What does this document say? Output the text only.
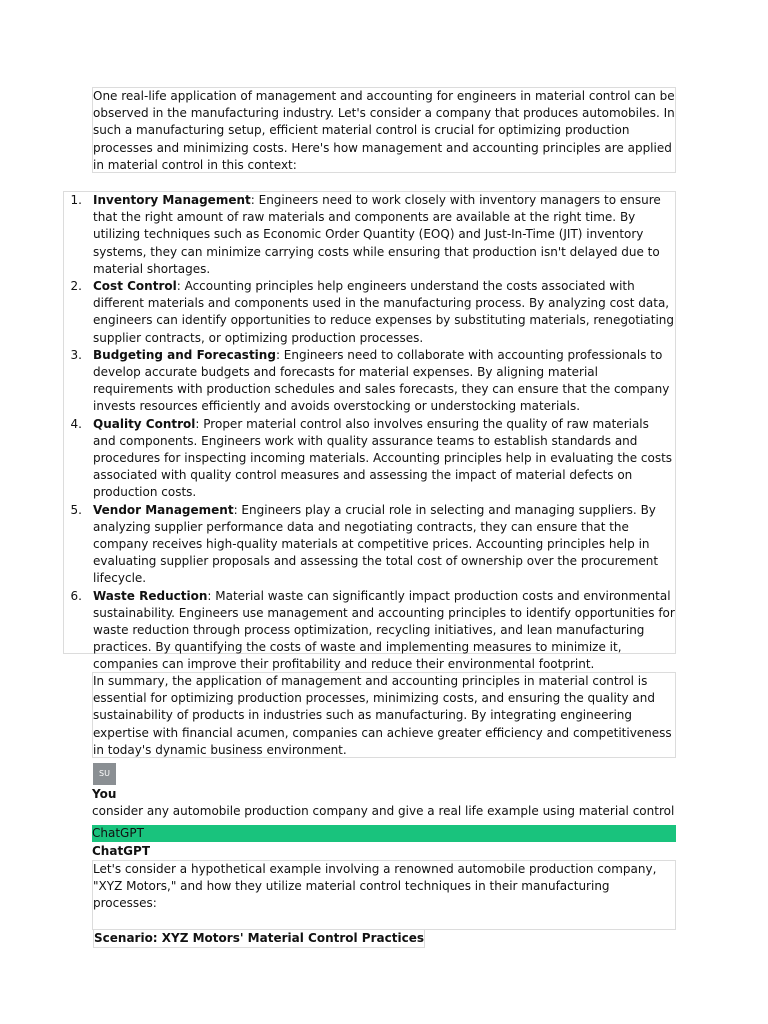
One real-life application of management and accounting for engineers in material control can be observed in the manufacturing industry. Let's consider a company that produces automobiles. In such a manufacturing setup, efficient material control is crucial for optimizing production processes and minimizing costs. Here's how management and accounting principles are applied in material control in this context:
1. Inventory Management: Engineers need to work closely with inventory managers to ensure that the right amount of raw materials and components are available at the right time. By utilizing techniques such as Economic Order Quantity (EOQ) and Just-In-Time (JIT) inventory systems, they can minimize carrying costs while ensuring that production isn't delayed due to material shortages.
2. Cost Control: Accounting principles help engineers understand the costs associated with different materials and components used in the manufacturing process. By analyzing cost data, engineers can identify opportunities to reduce expenses by substituting materials, renegotiating supplier contracts, or optimizing production processes.
3. Budgeting and Forecasting: Engineers need to collaborate with accounting professionals to develop accurate budgets and forecasts for material expenses. By aligning material requirements with production schedules and sales forecasts, they can ensure that the company invests resources efficiently and avoids overstocking or understocking materials.
4. Quality Control: Proper material control also involves ensuring the quality of raw materials and components. Engineers work with quality assurance teams to establish standards and procedures for inspecting incoming materials. Accounting principles help in evaluating the costs associated with quality control measures and assessing the impact of material defects on production costs.
5. Vendor Management: Engineers play a crucial role in selecting and managing suppliers. By analyzing supplier performance data and negotiating contracts, they can ensure that the company receives high-quality materials at competitive prices. Accounting principles help in evaluating supplier proposals and assessing the total cost of ownership over the procurement lifecycle.
6. Waste Reduction: Material waste can significantly impact production costs and environmental sustainability. Engineers use management and accounting principles to identify opportunities for waste reduction through process optimization, recycling initiatives, and lean manufacturing practices. By quantifying the costs of waste and implementing measures to minimize it, companies can improve their profitability and reduce their environmental footprint.
In summary, the application of management and accounting principles in material control is essential for optimizing production processes, minimizing costs, and ensuring the quality and sustainability of products in industries such as manufacturing. By integrating engineering expertise with financial acumen, companies can achieve greater efficiency and competitiveness in today's dynamic business environment.
SU
You
consider any automobile production company and give a real life example using material control
ChatGPT
ChatGPT
Let's consider a hypothetical example involving a renowned automobile production company, "XYZ Motors," and how they utilize material control techniques in their manufacturing processes:
Scenario: XYZ Motors' Material Control Practices
